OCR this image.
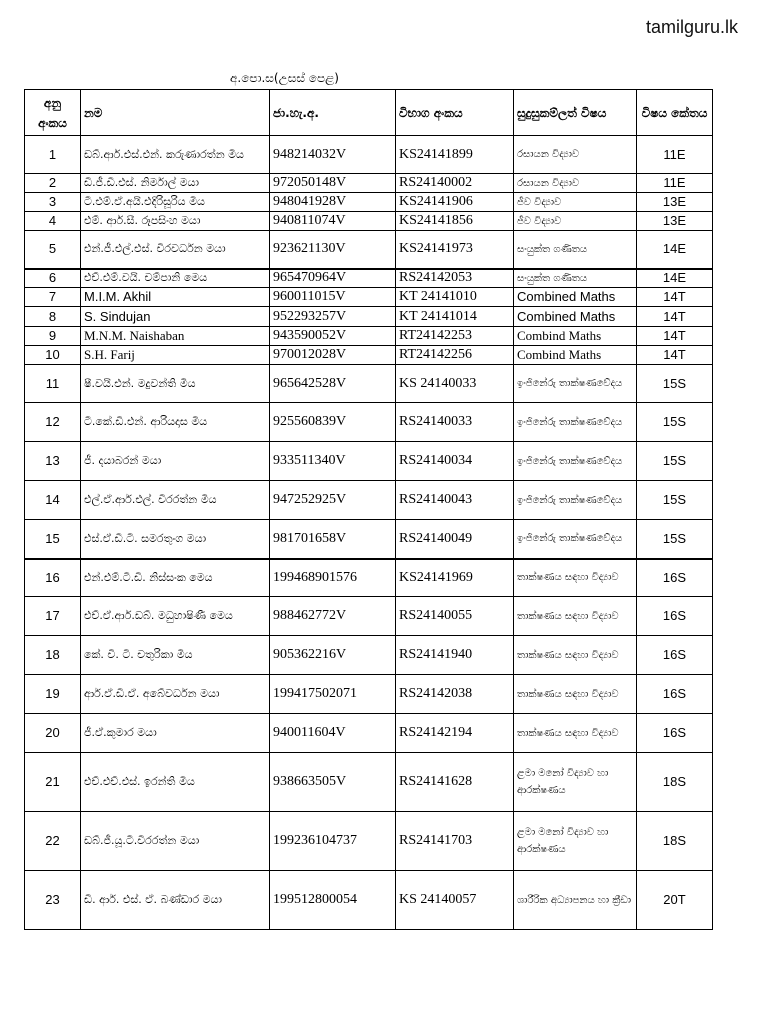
tamilguru.lk
අ.පො.ස(උසස් පෙළ)
අනු අංකය	නම	ජා.හැ.අ.	විභාග අංකය	සුදුසුකම්ලත් විෂය	විෂය කේතය
1	ඩබ්.ආර්.එස්.එන්. කරුණාරත්න මිය	948214032V	KS24141899	රසායන විද්‍යාව	11E
2	ඩී.ජී.ඩී.එස්. නිර්මාල් මයා	972050148V	RS24140002	රසායන විද්‍යාව	11E
3	ටී.එම්.ඒ.අයි.එදිරිසූරිය මිය	948041928V	KS24141906	ජීව විද්‍යාව	13E
4	එම්. ආර්.සී. රූපසිංහ මයා	940811074V	KS24141856	ජීව විද්‍යාව	13E
5	එන්.ජී.එල්.එස්. වීරවර්ධන මයා	923621130V	KS24141973	සංයුක්ත ගණිතය	14E
6	එච්.එම්.වයි. චම්පානි මෙය	965470964V	RS24142053	සංයුක්ත ගණිතය	14E
7	M.I.M. Akhil	960011015V	KT 24141010	Combined Maths	14T
8	S. Sindujan	952293257V	KT 24141014	Combined Maths	14T
9	M.N.M. Naishaban	943590052V	RT24142253	Combind Maths	14T
10	S.H. Farij	970012028V	RT24142256	Combind Maths	14T
11	ෂී.වයි.එන්. මදුවන්ති මිය	965642528V	KS 24140033	ඉංජිනේරු තාක්ෂණවේදය	15S
12	ටී.කේ.ඩී.එන්. ආරියදාස මිය	925560839V	RS24140033	ඉංජිනේරු තාක්ෂණවේදය	15S
13	ජී. දයාබරන් මයා	933511340V	RS24140034	ඉංජිනේරු තාක්ෂණවේදය	15S
14	එල්.ඒ.ආර්.එල්. වීරරත්න මිය	947252925V	RS24140043	ඉංජිනේරු තාක්ෂණවේදය	15S
15	එස්.ඒ.ඩී.ටී. සමරතුංග මයා	981701658V	RS24140049	ඉංජිනේරු තාක්ෂණවේදය	15S
16	එන්.එම්.ටී.ඩී. නිස්සංක මෙය	199468901576	KS24141969	තාක්ෂණය සඳහා විද්‍යාව	16S
17	එච්.ඒ.ආර්.ඩබ්. මධුහාෂිණී මෙය	988462772V	RS24140055	තාක්ෂණය සඳහා විද්‍යාව	16S
18	කේ. වී. ටී. චතුරිකා මිය	905362216V	RS24141940	තාක්ෂණය සඳහා විද්‍යාව	16S
19	ආර්.ඒ.ඩී.ඒ. අබේවර්ධන මයා	199417502071	RS24142038	තාක්ෂණය සඳහා විද්‍යාව	16S
20	ජී.ඒ.කුමාර මයා	940011604V	RS24142194	තාක්ෂණය සඳහා විද්‍යාව	16S
21	එච්.එච්.එස්. ඉරන්ති මිය	938663505V	RS24141628	ළමා මනෝ විද්‍යාව හා ආරක්ෂණය	18S
22	ඩබ්.ජී.යූ.ටී.වීරරත්න මයා	199236104737	RS24141703	ළමා මනෝ විද්‍යාව හා ආරක්ෂණය	18S
23	ඩී. ආර්. එස්. ඒ. බණ්ඩාර මයා	199512800054	KS 24140057	ශාරීරික අධ්‍යාපනය හා ක්‍රීඩා	20T
